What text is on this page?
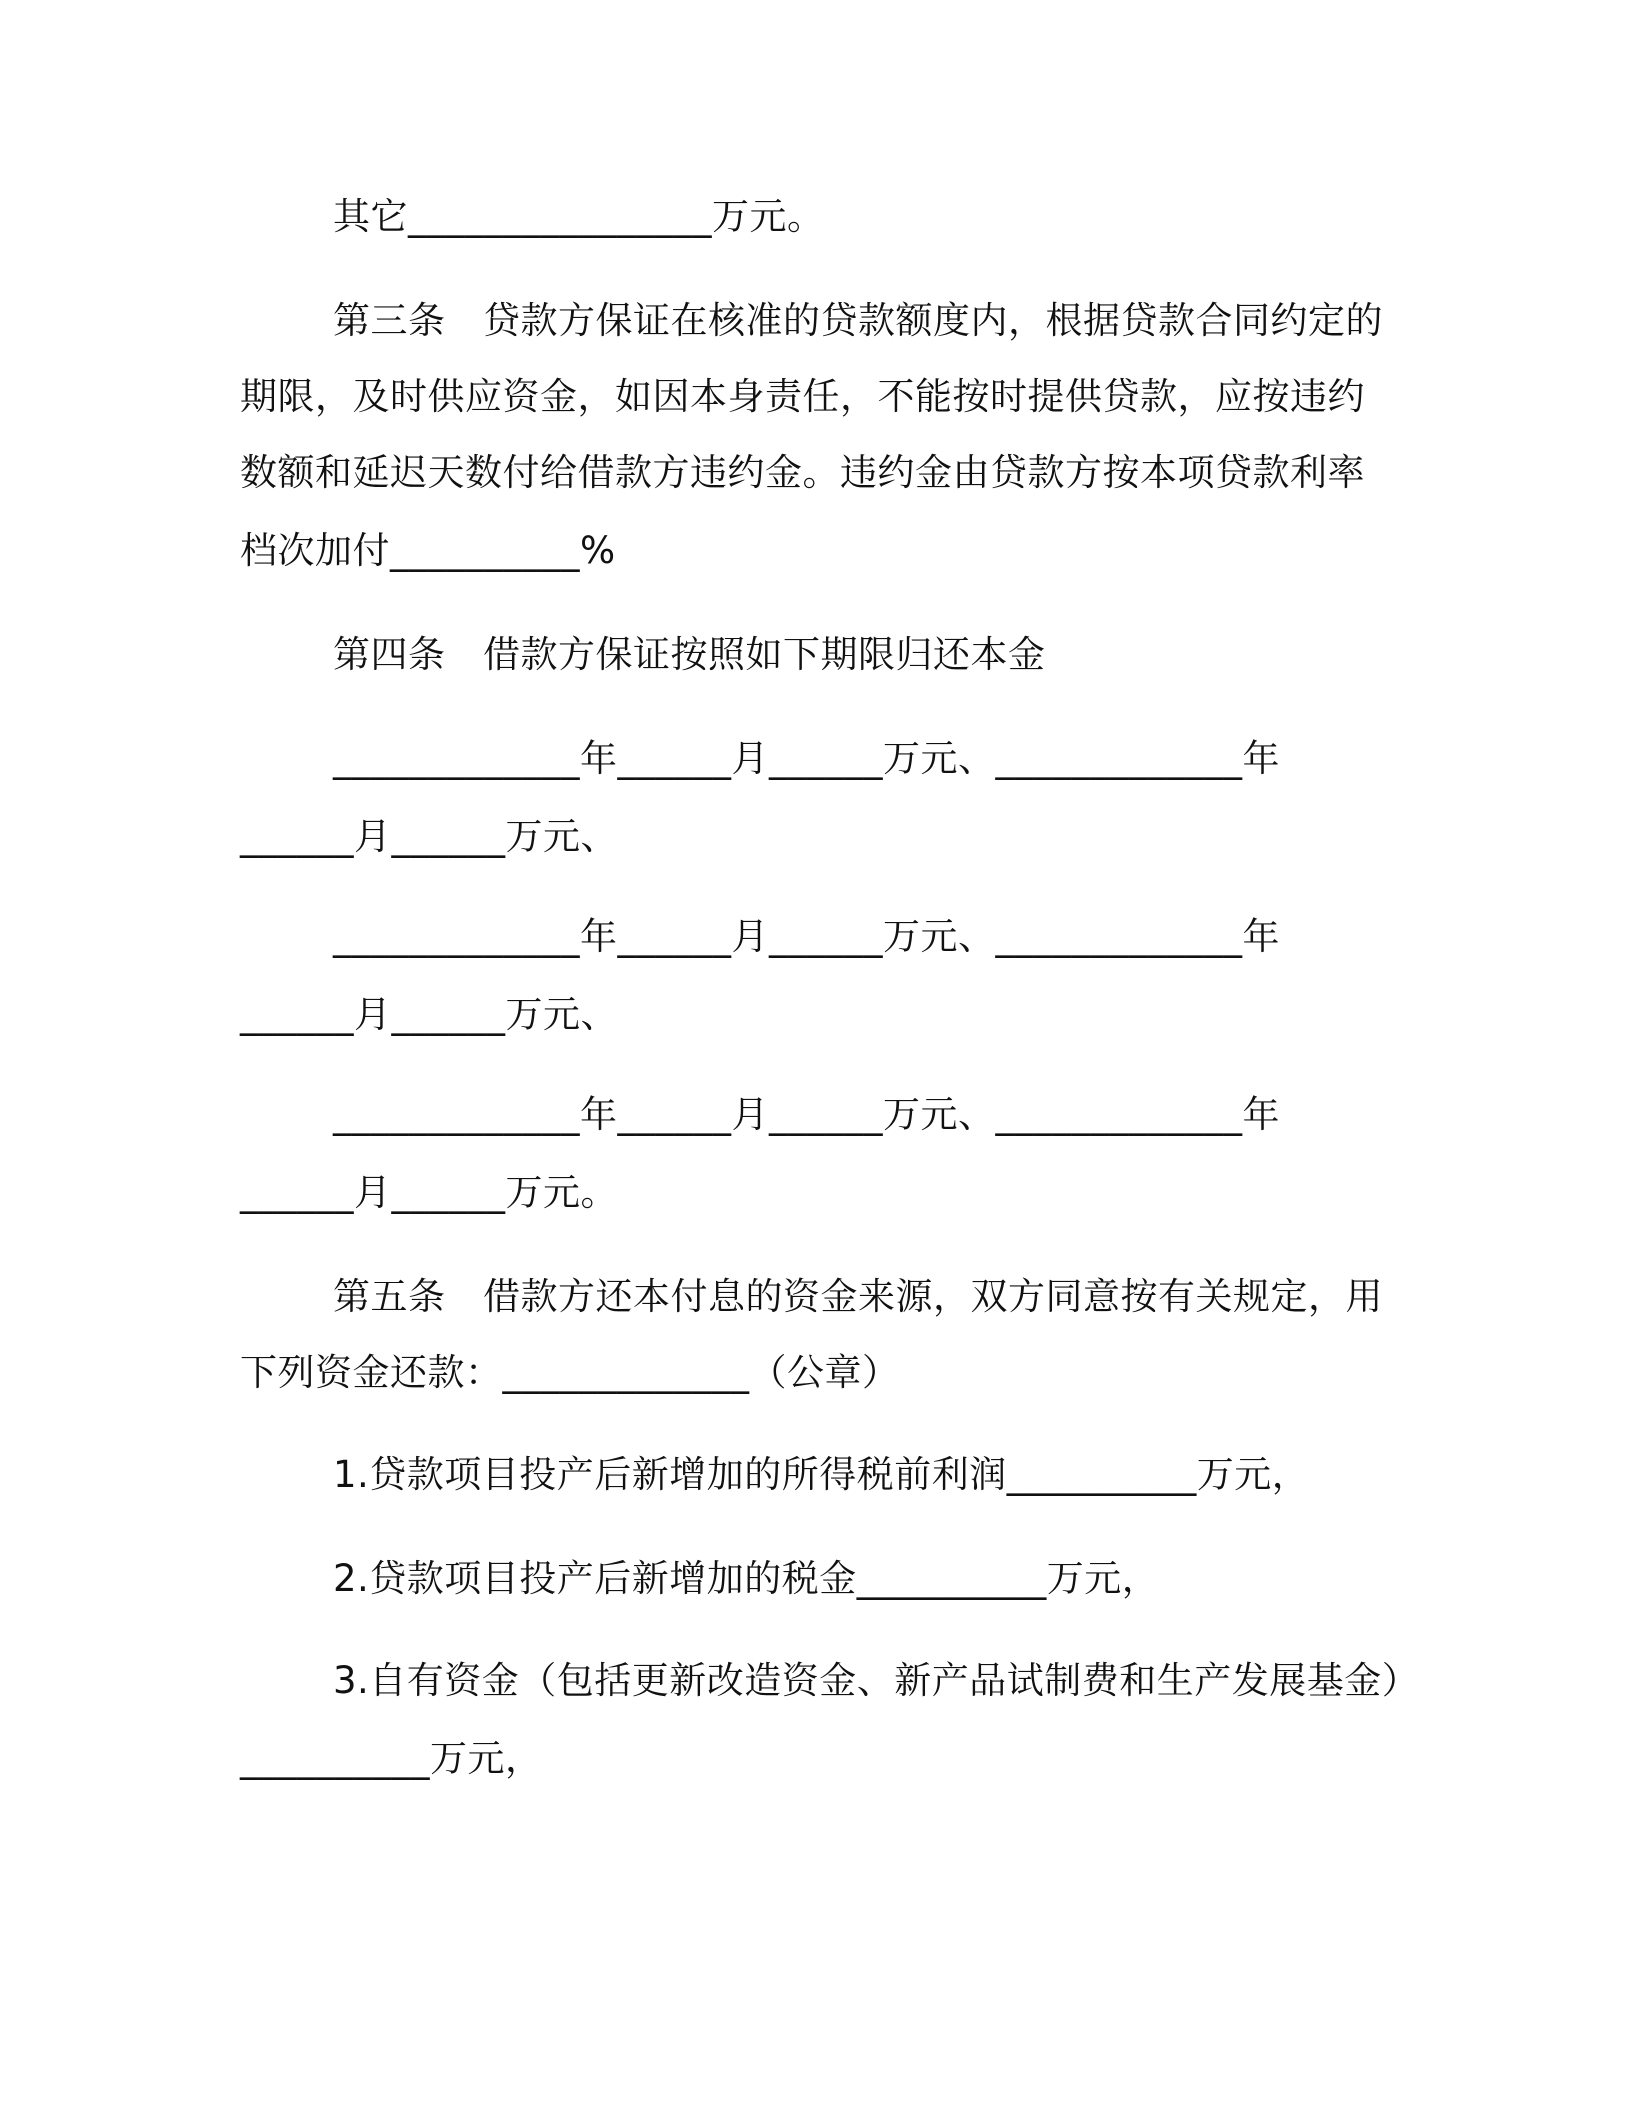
其它________________万元。
第三条　贷款方保证在核准的贷款额度内，根据贷款合同约定的
期限，及时供应资金，如因本身责任，不能按时提供贷款，应按违约
数额和延迟天数付给借款方违约金。违约金由贷款方按本项贷款利率
档次加付__________%
第四条　借款方保证按照如下期限归还本金
_____________年______月______万元、_____________年
______月______万元、
_____________年______月______万元、_____________年
______月______万元、
_____________年______月______万元、_____________年
______月______万元。
第五条　借款方还本付息的资金来源，双方同意按有关规定，用
下列资金还款：_____________（公章）
1.贷款项目投产后新增加的所得税前利润__________万元，
2.贷款项目投产后新增加的税金__________万元，
3.自有资金（包括更新改造资金、新产品试制费和生产发展基金）
__________万元，
